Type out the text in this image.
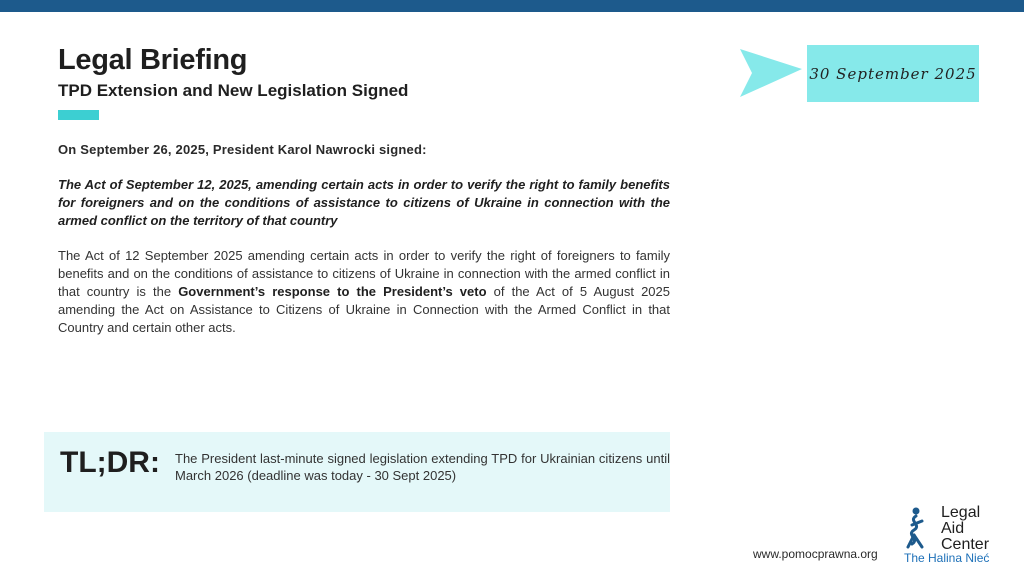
Legal Briefing
TPD Extension and New Legislation Signed
30 September 2025
On September 26, 2025, President Karol Nawrocki signed:
The Act of September 12, 2025, amending certain acts in order to verify the right to family benefits for foreigners and on the conditions of assistance to citizens of Ukraine in connection with the armed conflict on the territory of that country
The Act of 12 September 2025 amending certain acts in order to verify the right of foreigners to family benefits and on the conditions of assistance to citizens of Ukraine in connection with the armed conflict in that country is the Government’s response to the President’s veto of the Act of 5 August 2025 amending the Act on Assistance to Citizens of Ukraine in Connection with the Armed Conflict in that Country and certain other acts.
TL;DR:	The President last-minute signed legislation extending TPD for Ukrainian citizens until March 2026 (deadline was today - 30 Sept 2025)
www.pomocprawna.org
Legal
Aid
Center
The Halina Nieć
